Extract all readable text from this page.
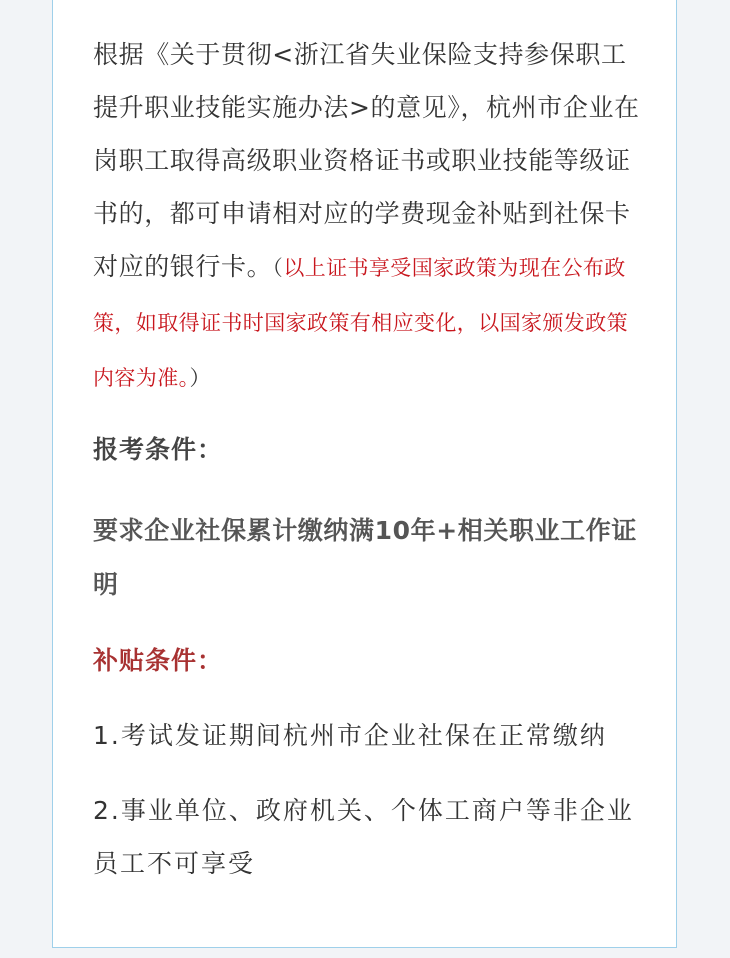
根据《关于贯彻<浙江省失业保险支持参保职工提升职业技能实施办法>的意见》，杭州市企业在岗职工取得高级职业资格证书或职业技能等级证书的，都可申请相对应的学费现金补贴到社保卡对应的银行卡。（以上证书享受国家政策为现在公布政策，如取得证书时国家政策有相应变化，以国家颁发政策内容为准。）

报考条件：

要求企业社保累计缴纳满10年+相关职业工作证明

补贴条件：

1.考试发证期间杭州市企业社保在正常缴纳

2.事业单位、政府机关、个体工商户等非企业员工不可享受
